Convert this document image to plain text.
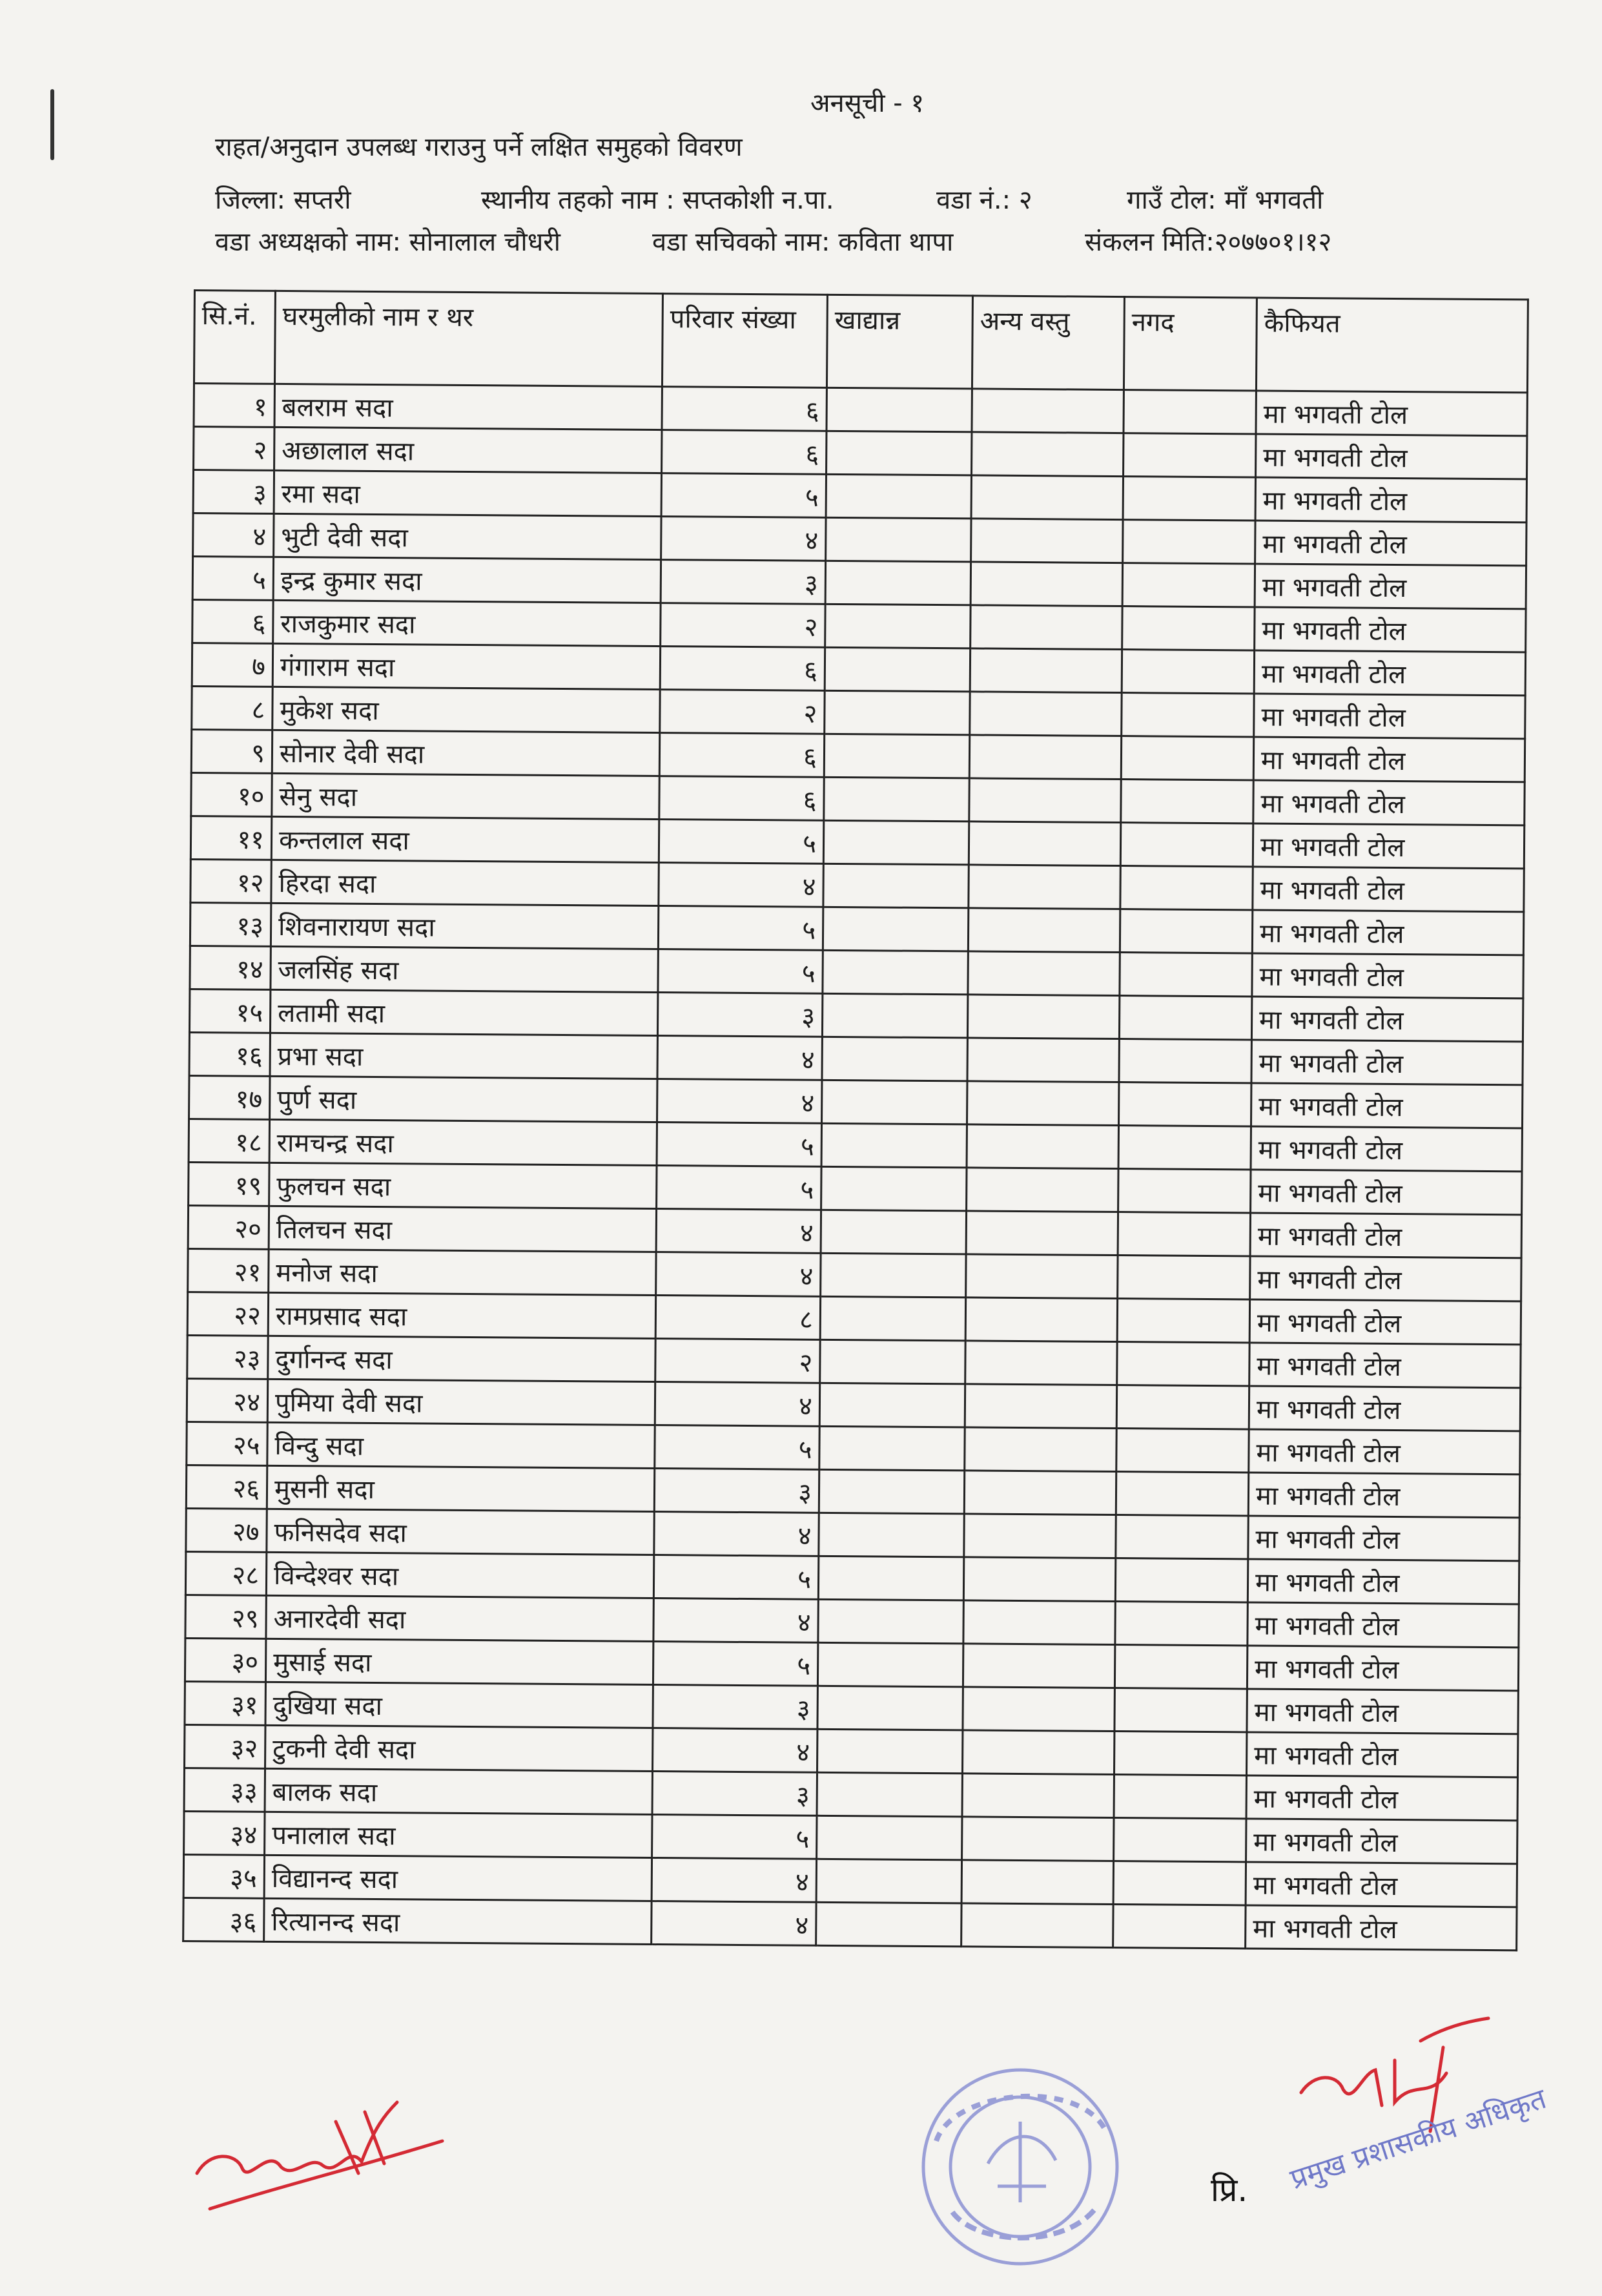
अनसूची - १
राहत/अनुदान उपलब्ध गराउनु पर्ने लक्षित समुहको विवरण
जिल्ला: सप्तरी	स्थानीय तहको नाम : सप्तकोशी न.पा.	वडा नं.: २	गाउँ टोल: माँ भगवती
वडा अध्यक्षको नाम: सोनालाल चौधरी	वडा सचिवको नाम: कविता थापा	संकलन मिति:२०७७०१।१२
सि.नं.	घरमुलीको नाम र थर	परिवार संख्या	खाद्यान्न	अन्य वस्तु	नगद	कैफियत
१	बलराम सदा	६				मा भगवती टोल
२	अछालाल सदा	६				मा भगवती टोल
३	रमा सदा	५				मा भगवती टोल
४	भुटी देवी सदा	४				मा भगवती टोल
५	इन्द्र कुमार सदा	३				मा भगवती टोल
६	राजकुमार सदा	२				मा भगवती टोल
७	गंगाराम सदा	६				मा भगवती टोल
८	मुकेश सदा	२				मा भगवती टोल
९	सोनार देवी सदा	६				मा भगवती टोल
१०	सेनु सदा	६				मा भगवती टोल
११	कन्तलाल सदा	५				मा भगवती टोल
१२	हिरदा सदा	४				मा भगवती टोल
१३	शिवनारायण सदा	५				मा भगवती टोल
१४	जलसिंह सदा	५				मा भगवती टोल
१५	लतामी सदा	३				मा भगवती टोल
१६	प्रभा सदा	४				मा भगवती टोल
१७	पुर्ण सदा	४				मा भगवती टोल
१८	रामचन्द्र सदा	५				मा भगवती टोल
१९	फुलचन सदा	५				मा भगवती टोल
२०	तिलचन सदा	४				मा भगवती टोल
२१	मनोज सदा	४				मा भगवती टोल
२२	रामप्रसाद सदा	८				मा भगवती टोल
२३	दुर्गानन्द सदा	२				मा भगवती टोल
२४	पुमिया देवी सदा	४				मा भगवती टोल
२५	विन्दु सदा	५				मा भगवती टोल
२६	मुसनी सदा	३				मा भगवती टोल
२७	फनिसदेव सदा	४				मा भगवती टोल
२८	विन्देश्वर सदा	५				मा भगवती टोल
२९	अनारदेवी सदा	४				मा भगवती टोल
३०	मुसाई सदा	५				मा भगवती टोल
३१	दुखिया सदा	३				मा भगवती टोल
३२	टुकनी देवी सदा	४				मा भगवती टोल
३३	बालक सदा	३				मा भगवती टोल
३४	पनालाल सदा	५				मा भगवती टोल
३५	विद्यानन्द सदा	४				मा भगवती टोल
३६	रित्यानन्द सदा	४				मा भगवती टोल
प्रि. प्रमुख प्रशासकीय अधिकृत
